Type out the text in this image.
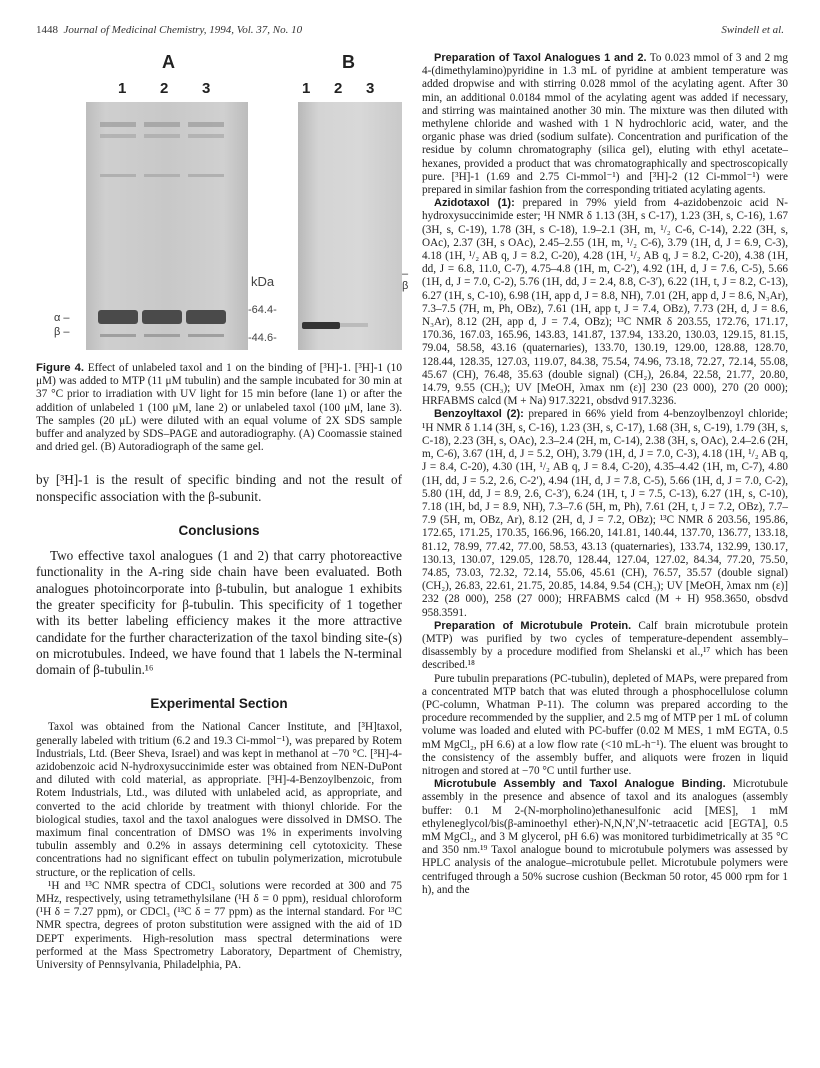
1448 Journal of Medicinal Chemistry, 1994, Vol. 37, No. 10	Swindell et al.
A	B
1 2 3	1 2 3
α –
β –
kDa
-64.4-
-44.6-
– β

Figure 4. Effect of unlabeled taxol and 1 on the binding of [³H]-1. [³H]-1 (10 μM) was added to MTP (11 μM tubulin) and the sample incubated for 30 min at 37 °C prior to irradiation with UV light for 15 min before (lane 1) or after the addition of unlabeled 1 (100 μM, lane 2) or unlabeled taxol (100 μM, lane 3). The samples (20 μL) were diluted with an equal volume of 2X SDS sample buffer and analyzed by SDS–PAGE and autoradiography. (A) Coomassie stained and dried gel. (B) Autoradiograph of the same gel.

by [³H]-1 is the result of specific binding and not the result of nonspecific association with the β-subunit.

Conclusions

Two effective taxol analogues (1 and 2) that carry photoreactive functionality in the A-ring side chain have been evaluated. Both analogues photoincorporate into β-tubulin, but analogue 1 exhibits the greater specificity for β-tubulin. This specificity of 1 together with its better labeling efficiency makes it the more attractive candidate for the further characterization of the taxol binding site-(s) on microtubules. Indeed, we have found that 1 labels the N-terminal domain of β-tubulin.¹⁶

Experimental Section

Taxol was obtained from the National Cancer Institute, and [³H]taxol, generally labeled with tritium (6.2 and 19.3 Ci-mmol⁻¹), was prepared by Rotem Industrials, Ltd. (Beer Sheva, Israel) and was kept in methanol at −70 °C. [³H]-4-azidobenzoic acid N-hydroxysuccinimide ester was obtained from NEN-DuPont and diluted with cold material, as appropriate. [³H]-4-Benzoylbenzoic, from Rotem Industrials, Ltd., was diluted with unlabeled acid, as appropriate, and converted to the acid chloride by treatment with thionyl chloride. For the biological studies, taxol and the taxol analogues were dissolved in DMSO. The maximum final concentration of DMSO was 1% in experiments involving tubulin assembly and 0.2% in assays determining cell cytotoxicity. These concentrations had no significant effect on tubulin polymerization, microtubule structure, or the replication of cells.

¹H and ¹³C NMR spectra of CDCl₃ solutions were recorded at 300 and 75 MHz, respectively, using tetramethylsilane (¹H δ = 0 ppm), residual chloroform (¹H δ = 7.27 ppm), or CDCl₃ (¹³C δ = 77 ppm) as the internal standard. For ¹³C NMR spectra, degrees of proton substitution were assigned with the aid of 1D DEPT experiments. High-resolution mass spectral determinations were performed at the Mass Spectrometry Laboratory, Department of Chemistry, University of Pennsylvania, Philadelphia, PA.

Preparation of Taxol Analogues 1 and 2. To 0.023 mmol of 3 and 2 mg 4-(dimethylamino)pyridine in 1.3 mL of pyridine at ambient temperature was added dropwise and with stirring 0.028 mmol of the acylating agent. After 30 min, an additional 0.0184 mmol of the acylating agent was added if necessary, and stirring was maintained another 30 min. The mixture was then diluted with methylene chloride and washed with 1 N hydrochloric acid, water, and the organic phase was dried (sodium sulfate). Concentration and purification of the residue by column chromatography (silica gel), eluting with ethyl acetate–hexanes, provided a product that was chromatographically and spectroscopically pure. [³H]-1 (1.69 and 2.75 Ci-mmol⁻¹) and [³H]-2 (12 Ci-mmol⁻¹) were prepared in similar fashion from the corresponding tritiated acylating agents.

Azidotaxol (1): prepared in 79% yield from 4-azidobenzoic acid N-hydroxysuccinimide ester; ¹H NMR δ 1.13 (3H, s C-17), 1.23 (3H, s, C-16), 1.67 (3H, s, C-19), 1.78 (3H, s C-18), 1.9–2.1 (3H, m, ¹/₂ C-6, C-14), 2.22 (3H, s, OAc), 2.37 (3H, s OAc), 2.45–2.55 (1H, m, ¹/₂ C-6), 3.79 (1H, d, J = 6.9, C-3), 4.18 (1H, ¹/₂ AB q, J = 8.2, C-20), 4.28 (1H, ¹/₂ AB q, J = 8.2, C-20), 4.38 (1H, dd, J = 6.8, 11.0, C-7), 4.75–4.8 (1H, m, C-2′), 4.92 (1H, d, J = 7.6, C-5), 5.66 (1H, d, J = 7.0, C-2), 5.76 (1H, dd, J = 2.4, 8.8, C-3′), 6.22 (1H, t, J = 8.2, C-13), 6.27 (1H, s, C-10), 6.98 (1H, app d, J = 8.8, NH), 7.01 (2H, app d, J = 8.6, N₃Ar), 7.3–7.5 (7H, m, Ph, OBz), 7.61 (1H, app t, J = 7.4, OBz), 7.73 (2H, d, J = 8.6, N₃Ar), 8.12 (2H, app d, J = 7.4, OBz); ¹³C NMR δ 203.55, 172.76, 171.17, 170.36, 167.03, 165.96, 143.83, 141.87, 137.94, 133.20, 130.03, 129.15, 81.15, 79.04, 58.58, 43.16 (quaternaries), 133.70, 130.19, 129.00, 128.88, 128.70, 128.44, 128.35, 127.03, 119.07, 84.38, 75.54, 74.96, 73.18, 72.27, 72.14, 55.08, 45.67 (CH), 76.48, 35.63 (double signal) (CH₂), 26.84, 22.58, 21.77, 20.80, 14.79, 9.55 (CH₃); UV [MeOH, λmax nm (ε)] 230 (23 000), 270 (20 000); HRFABMS calcd (M + Na) 917.3221, obsdvd 917.3236.

Benzoyltaxol (2): prepared in 66% yield from 4-benzoylbenzoyl chloride; ¹H NMR δ 1.14 (3H, s, C-16), 1.23 (3H, s, C-17), 1.68 (3H, s, C-19), 1.79 (3H, s, C-18), 2.23 (3H, s, OAc), 2.3–2.4 (2H, m, C-14), 2.38 (3H, s, OAc), 2.4–2.6 (2H, m, C-6), 3.67 (1H, d, J = 5.2, OH), 3.79 (1H, d, J = 7.0, C-3), 4.18 (1H, ¹/₂ AB q, J = 8.4, C-20), 4.30 (1H, ¹/₂ AB q, J = 8.4, C-20), 4.35–4.42 (1H, m, C-7), 4.80 (1H, dd, J = 5.2, 2.6, C-2′), 4.94 (1H, d, J = 7.8, C-5), 5.66 (1H, d, J = 7.0, C-2), 5.80 (1H, dd, J = 8.9, 2.6, C-3′), 6.24 (1H, t, J = 7.5, C-13), 6.27 (1H, s, C-10), 7.18 (1H, bd, J = 8.9, NH), 7.3–7.6 (5H, m, Ph), 7.61 (2H, t, J = 7.2, OBz), 7.7–7.9 (5H, m, OBz, Ar), 8.12 (2H, d, J = 7.2, OBz); ¹³C NMR δ 203.56, 195.86, 172.65, 171.25, 170.35, 166.96, 166.20, 141.81, 140.44, 137.70, 136.77, 133.18, 81.12, 78.99, 77.42, 77.00, 58.53, 43.13 (quaternaries), 133.74, 132.99, 130.17, 130.13, 130.07, 129.05, 128.70, 128.44, 127.04, 127.02, 84.34, 77.20, 75.50, 74.85, 73.03, 72.32, 72.14, 55.06, 45.61 (CH), 76.57, 35.57 (double signal) (CH₂), 26.83, 22.61, 21.75, 20.85, 14.84, 9.54 (CH₃); UV [MeOH, λmax nm (ε)] 232 (28 000), 258 (27 000); HRFABMS calcd (M + H) 958.3650, obsdvd 958.3591.

Preparation of Microtubule Protein. Calf brain microtubule protein (MTP) was purified by two cycles of temperature-dependent assembly–disassembly by a procedure modified from Shelanski et al.,¹⁷ which has been described.¹⁸

Pure tubulin preparations (PC-tubulin), depleted of MAPs, were prepared from a concentrated MTP batch that was eluted through a phosphocellulose column (PC-column, Whatman P-11). The column was prepared according to the procedure recommended by the supplier, and 2.5 mg of MTP per 1 mL of column volume was loaded and eluted with PC-buffer (0.02 M MES, 1 mM EGTA, 0.5 mM MgCl₂, pH 6.6) at a low flow rate (<10 mL-h⁻¹). The eluent was brought to the consistency of the assembly buffer, and aliquots were frozen in liquid nitrogen and stored at −70 °C until further use.

Microtubule Assembly and Taxol Analogue Binding. Microtubule assembly in the presence and absence of taxol and its analogues (assembly buffer: 0.1 M 2-(N-morpholino)ethanesulfonic acid [MES], 1 mM ethyleneglycol/bis(β-aminoethyl ether)-N,N,N′,N′-tetraacetic acid [EGTA], 0.5 mM MgCl₂, and 3 M glycerol, pH 6.6) was monitored turbidimetrically at 35 °C and 350 nm.¹⁹ Taxol analogue bound to microtubule polymers was assessed by HPLC analysis of the analogue–microtubule pellet. Microtubule polymers were centrifuged through a 50% sucrose cushion (Beckman 50 rotor, 45 000 rpm for 1 h), and the
